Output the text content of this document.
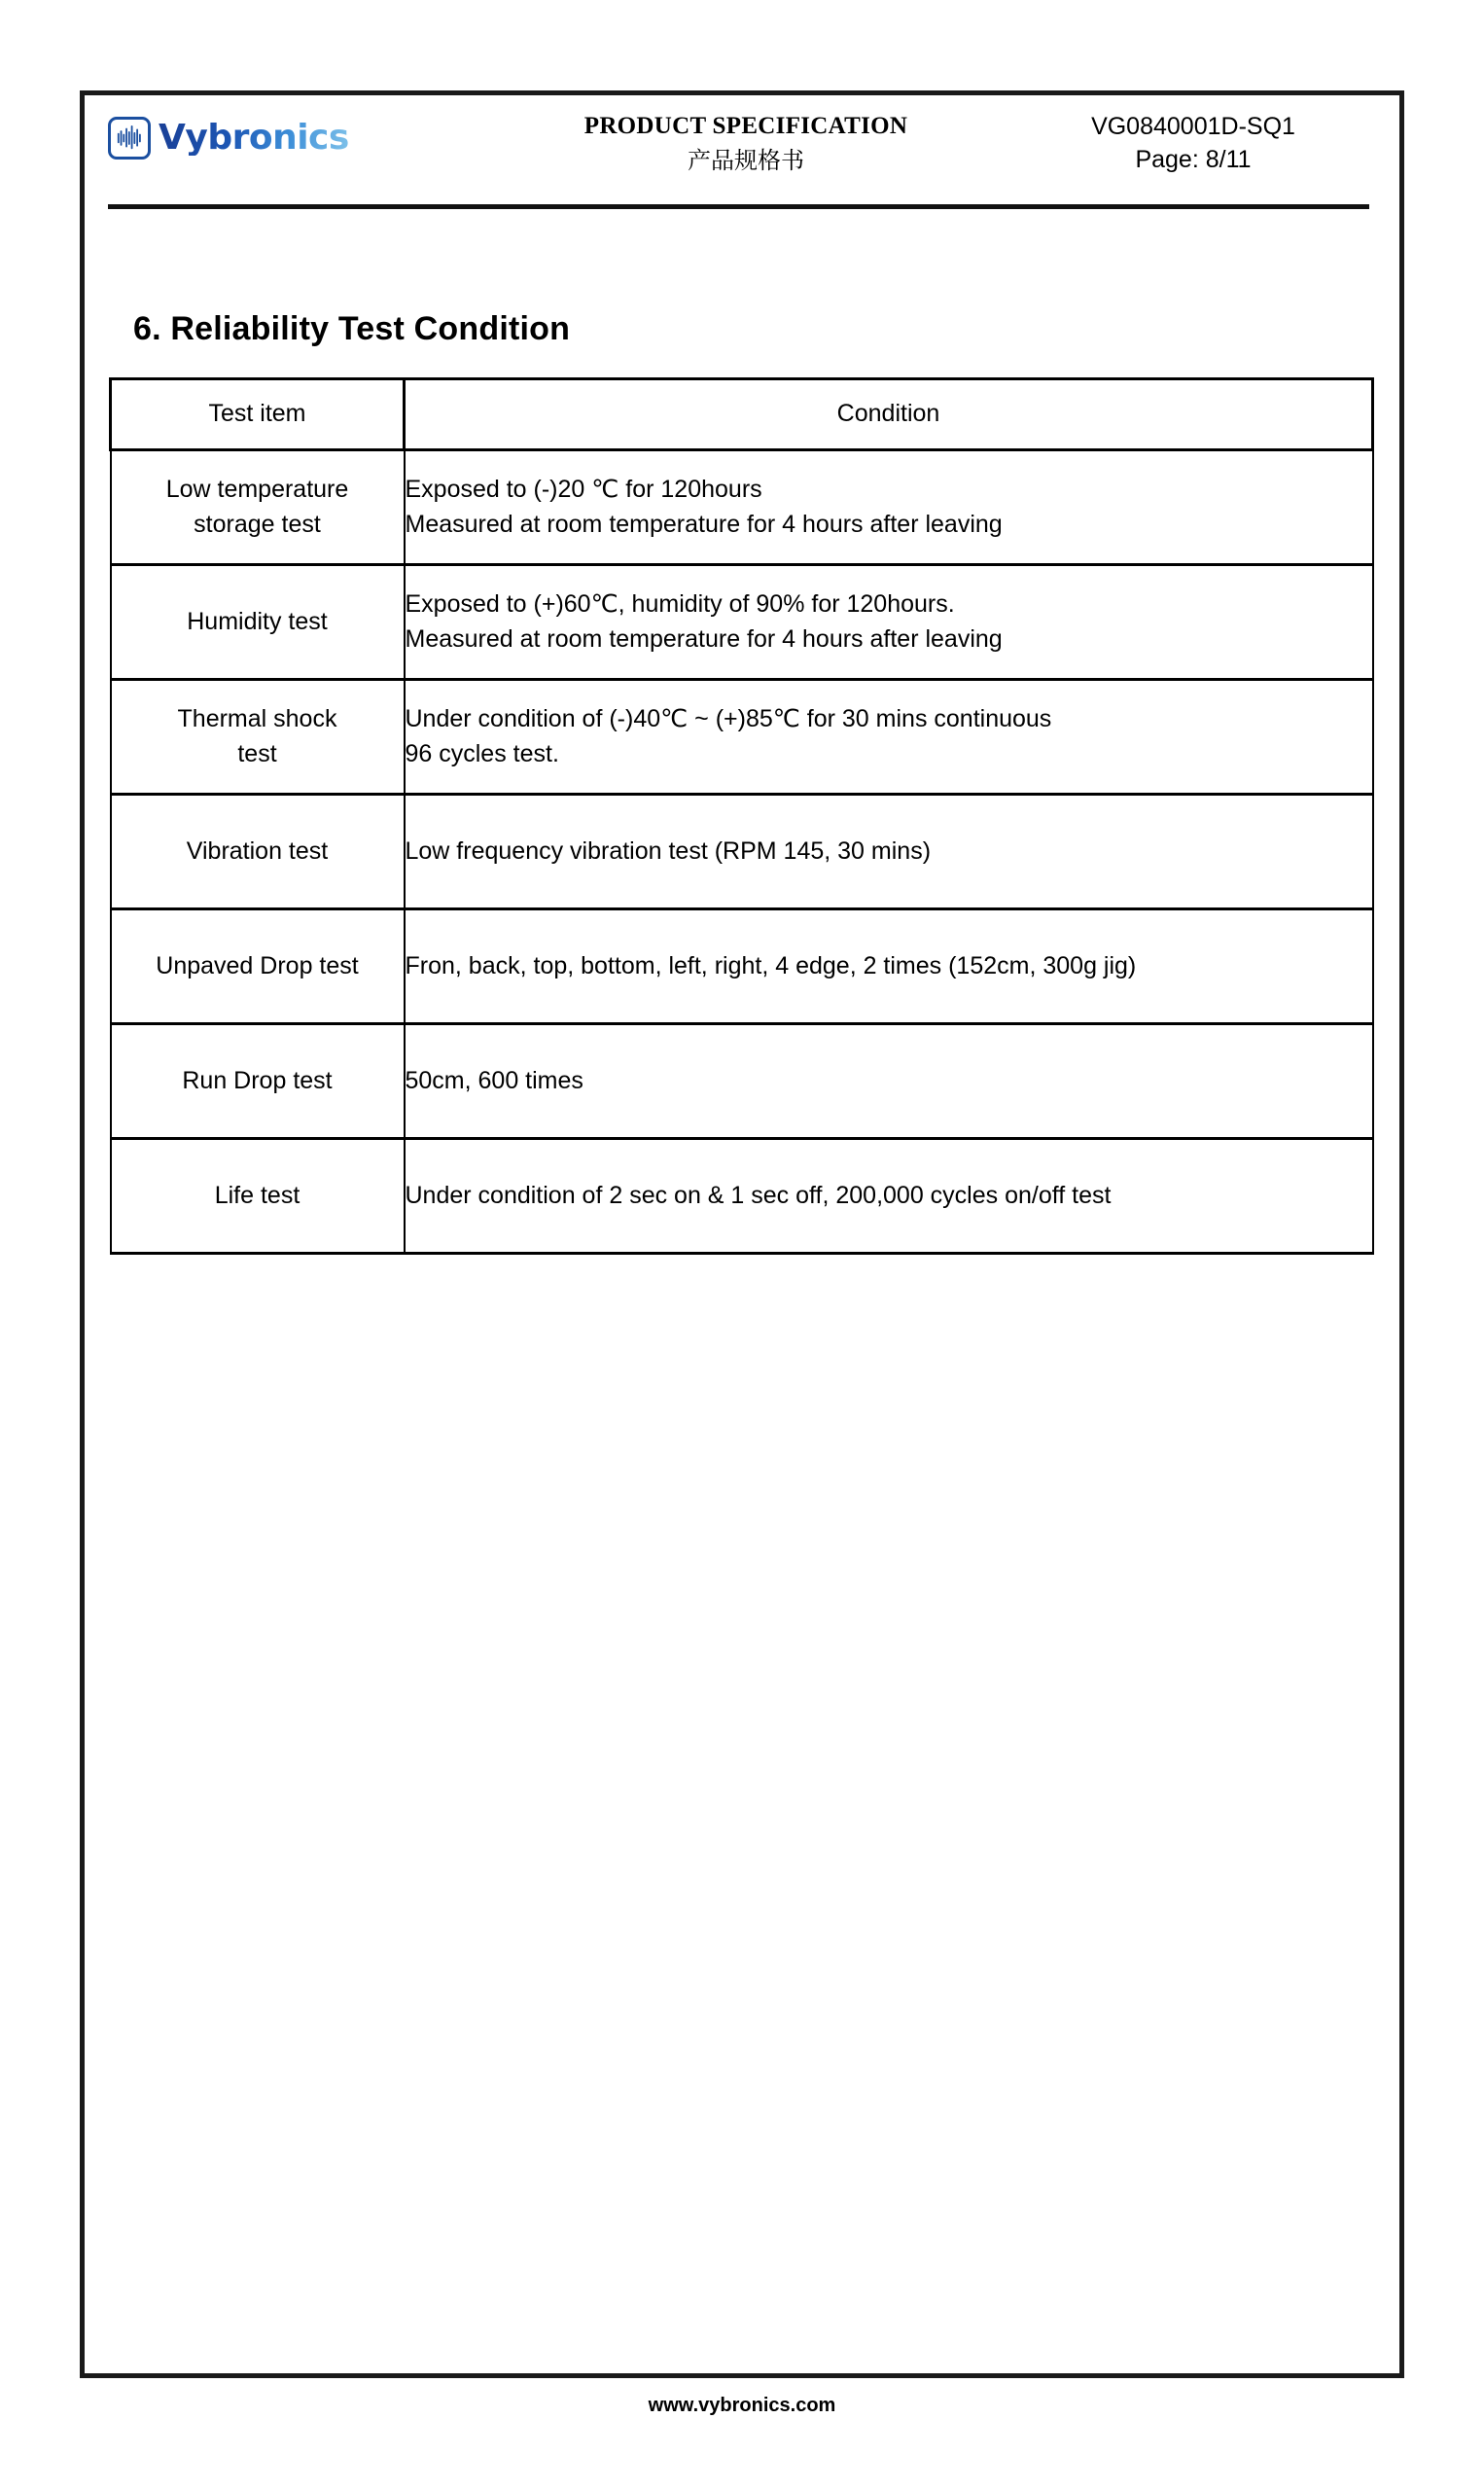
Vybronics	PRODUCT SPECIFICATION
产品规格书
VG0840001D-SQ1
Page: 8/11
6. Reliability Test Condition
Test item	Condition

Low temperature
storage test	Exposed to (-)20 ℃ for 120hours
Measured at room temperature for 4 hours after leaving

Humidity test	Exposed to (+)60℃, humidity of 90% for 120hours.
Measured at room temperature for 4 hours after leaving

Thermal shock
test	Under condition of (-)40℃ ~ (+)85℃ for 30 mins continuous
96 cycles test.

Vibration test	Low frequency vibration test (RPM 145, 30 mins)

Unpaved Drop test	Fron, back, top, bottom, left, right, 4 edge, 2 times (152cm, 300g jig)

Run Drop test	50cm, 600 times

Life test	Under condition of 2 sec on & 1 sec off, 200,000 cycles on/off test
www.vybronics.com
